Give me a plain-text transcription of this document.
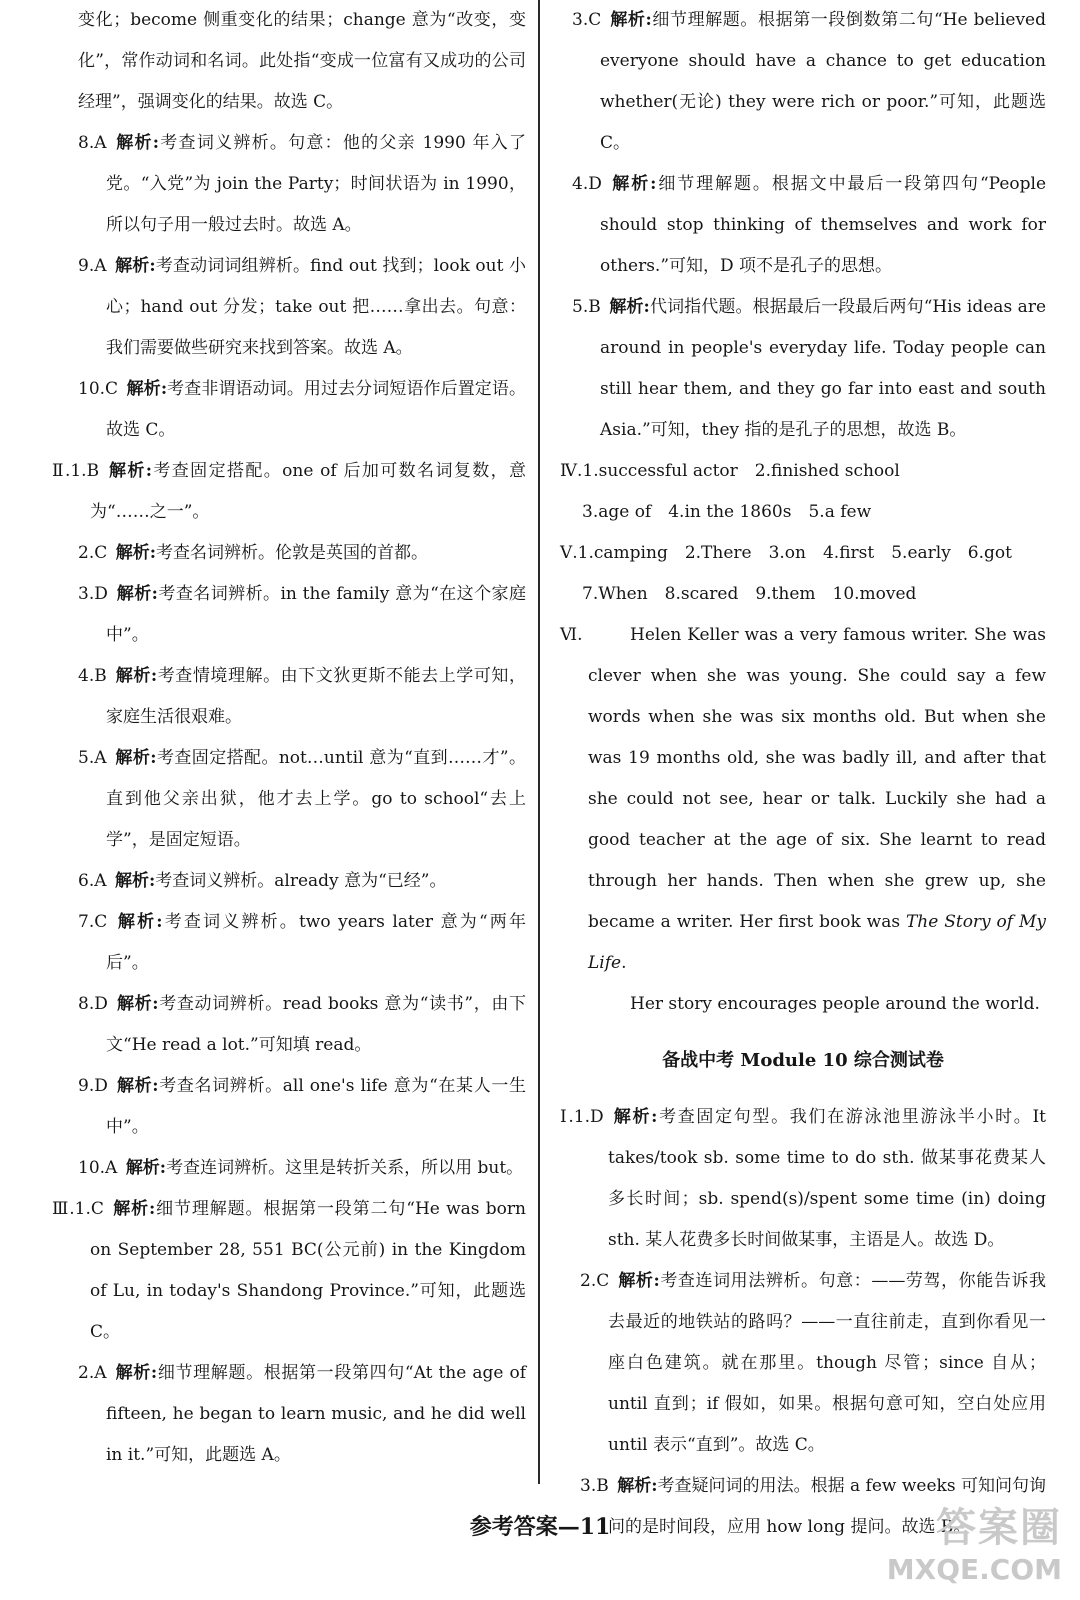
变化；become 侧重变化的结果；change 意为“改变，变化”，常作动词和名词。此处指“变成一位富有又成功的公司经理”，强调变化的结果。故选 C。
8.A  解析:考查词义辨析。句意：他的父亲 1990 年入了党。“入党”为 join the Party；时间状语为 in 1990，所以句子用一般过去时。故选 A。
9.A  解析:考查动词词组辨析。find out 找到；look out 小心；hand out 分发；take out 把……拿出去。句意：我们需要做些研究来找到答案。故选 A。
10.C  解析:考查非谓语动词。用过去分词短语作后置定语。故选 C。
Ⅱ.1.B  解析:考查固定搭配。one of 后加可数名词复数，意为“……之一”。
2.C  解析:考查名词辨析。伦敦是英国的首都。
3.D  解析:考查名词辨析。in the family 意为“在这个家庭中”。
4.B  解析:考查情境理解。由下文狄更斯不能去上学可知，家庭生活很艰难。
5.A  解析:考查固定搭配。not…until 意为“直到……才”。直到他父亲出狱，他才去上学。go to school“去上学”，是固定短语。
6.A  解析:考查词义辨析。already 意为“已经”。
7.C  解析:考查词义辨析。two years later 意为“两年后”。
8.D  解析:考查动词辨析。read books 意为“读书”，由下文“He read a lot.”可知填 read。
9.D  解析:考查名词辨析。all one's life 意为“在某人一生中”。
10.A  解析:考查连词辨析。这里是转折关系，所以用 but。
Ⅲ.1.C  解析:细节理解题。根据第一段第二句“He was born on September 28, 551 BC(公元前) in the Kingdom of Lu, in today's Shandong Province.”可知，此题选 C。
2.A  解析:细节理解题。根据第一段第四句“At the age of fifteen, he began to learn music, and he did well in it.”可知，此题选 A。
3.C  解析:细节理解题。根据第一段倒数第二句“He believed everyone should have a chance to get education whether(无论) they were rich or poor.”可知，此题选 C。
4.D  解析:细节理解题。根据文中最后一段第四句“People should stop thinking of themselves and work for others.”可知，D 项不是孔子的思想。
5.B  解析:代词指代题。根据最后一段最后两句“His ideas are around in people's everyday life. Today people can still hear them, and they go far into east and south Asia.”可知，they 指的是孔子的思想，故选 B。
Ⅳ.1.successful actor　2.finished school
3.age of　4.in the 1860s　5.a few
Ⅴ.1.camping　2.There　3.on　4.first　5.early　6.got
7.When　8.scared　9.them　10.moved
Ⅵ.	Helen Keller was a very famous writer. She was clever when she was young. She could say a few words when she was six months old. But when she was 19 months old, she was badly ill, and after that she could not see, hear or talk. Luckily she had a good teacher at the age of six. She learnt to read through her hands. Then when she grew up, she became a writer. Her first book was The Story of My Life.
Her story encourages people around the world.
备战中考 Module 10 综合测试卷
Ⅰ.1.D  解析:考查固定句型。我们在游泳池里游泳半小时。It takes/took sb. some time to do sth. 做某事花费某人多长时间；sb. spend(s)/spent some time (in) doing sth. 某人花费多长时间做某事，主语是人。故选 D。
2.C  解析:考查连词用法辨析。句意：——劳驾，你能告诉我去最近的地铁站的路吗？——一直往前走，直到你看见一座白色建筑。就在那里。though 尽管；since 自从；until 直到；if 假如，如果。根据句意可知，空白处应用 until 表示“直到”。故选 C。
3.B  解析:考查疑问词的用法。根据 a few weeks 可知问句询问的是时间段，应用 how long 提问。故选 B。
参考答案—11	答案圈
MXQE.COM
